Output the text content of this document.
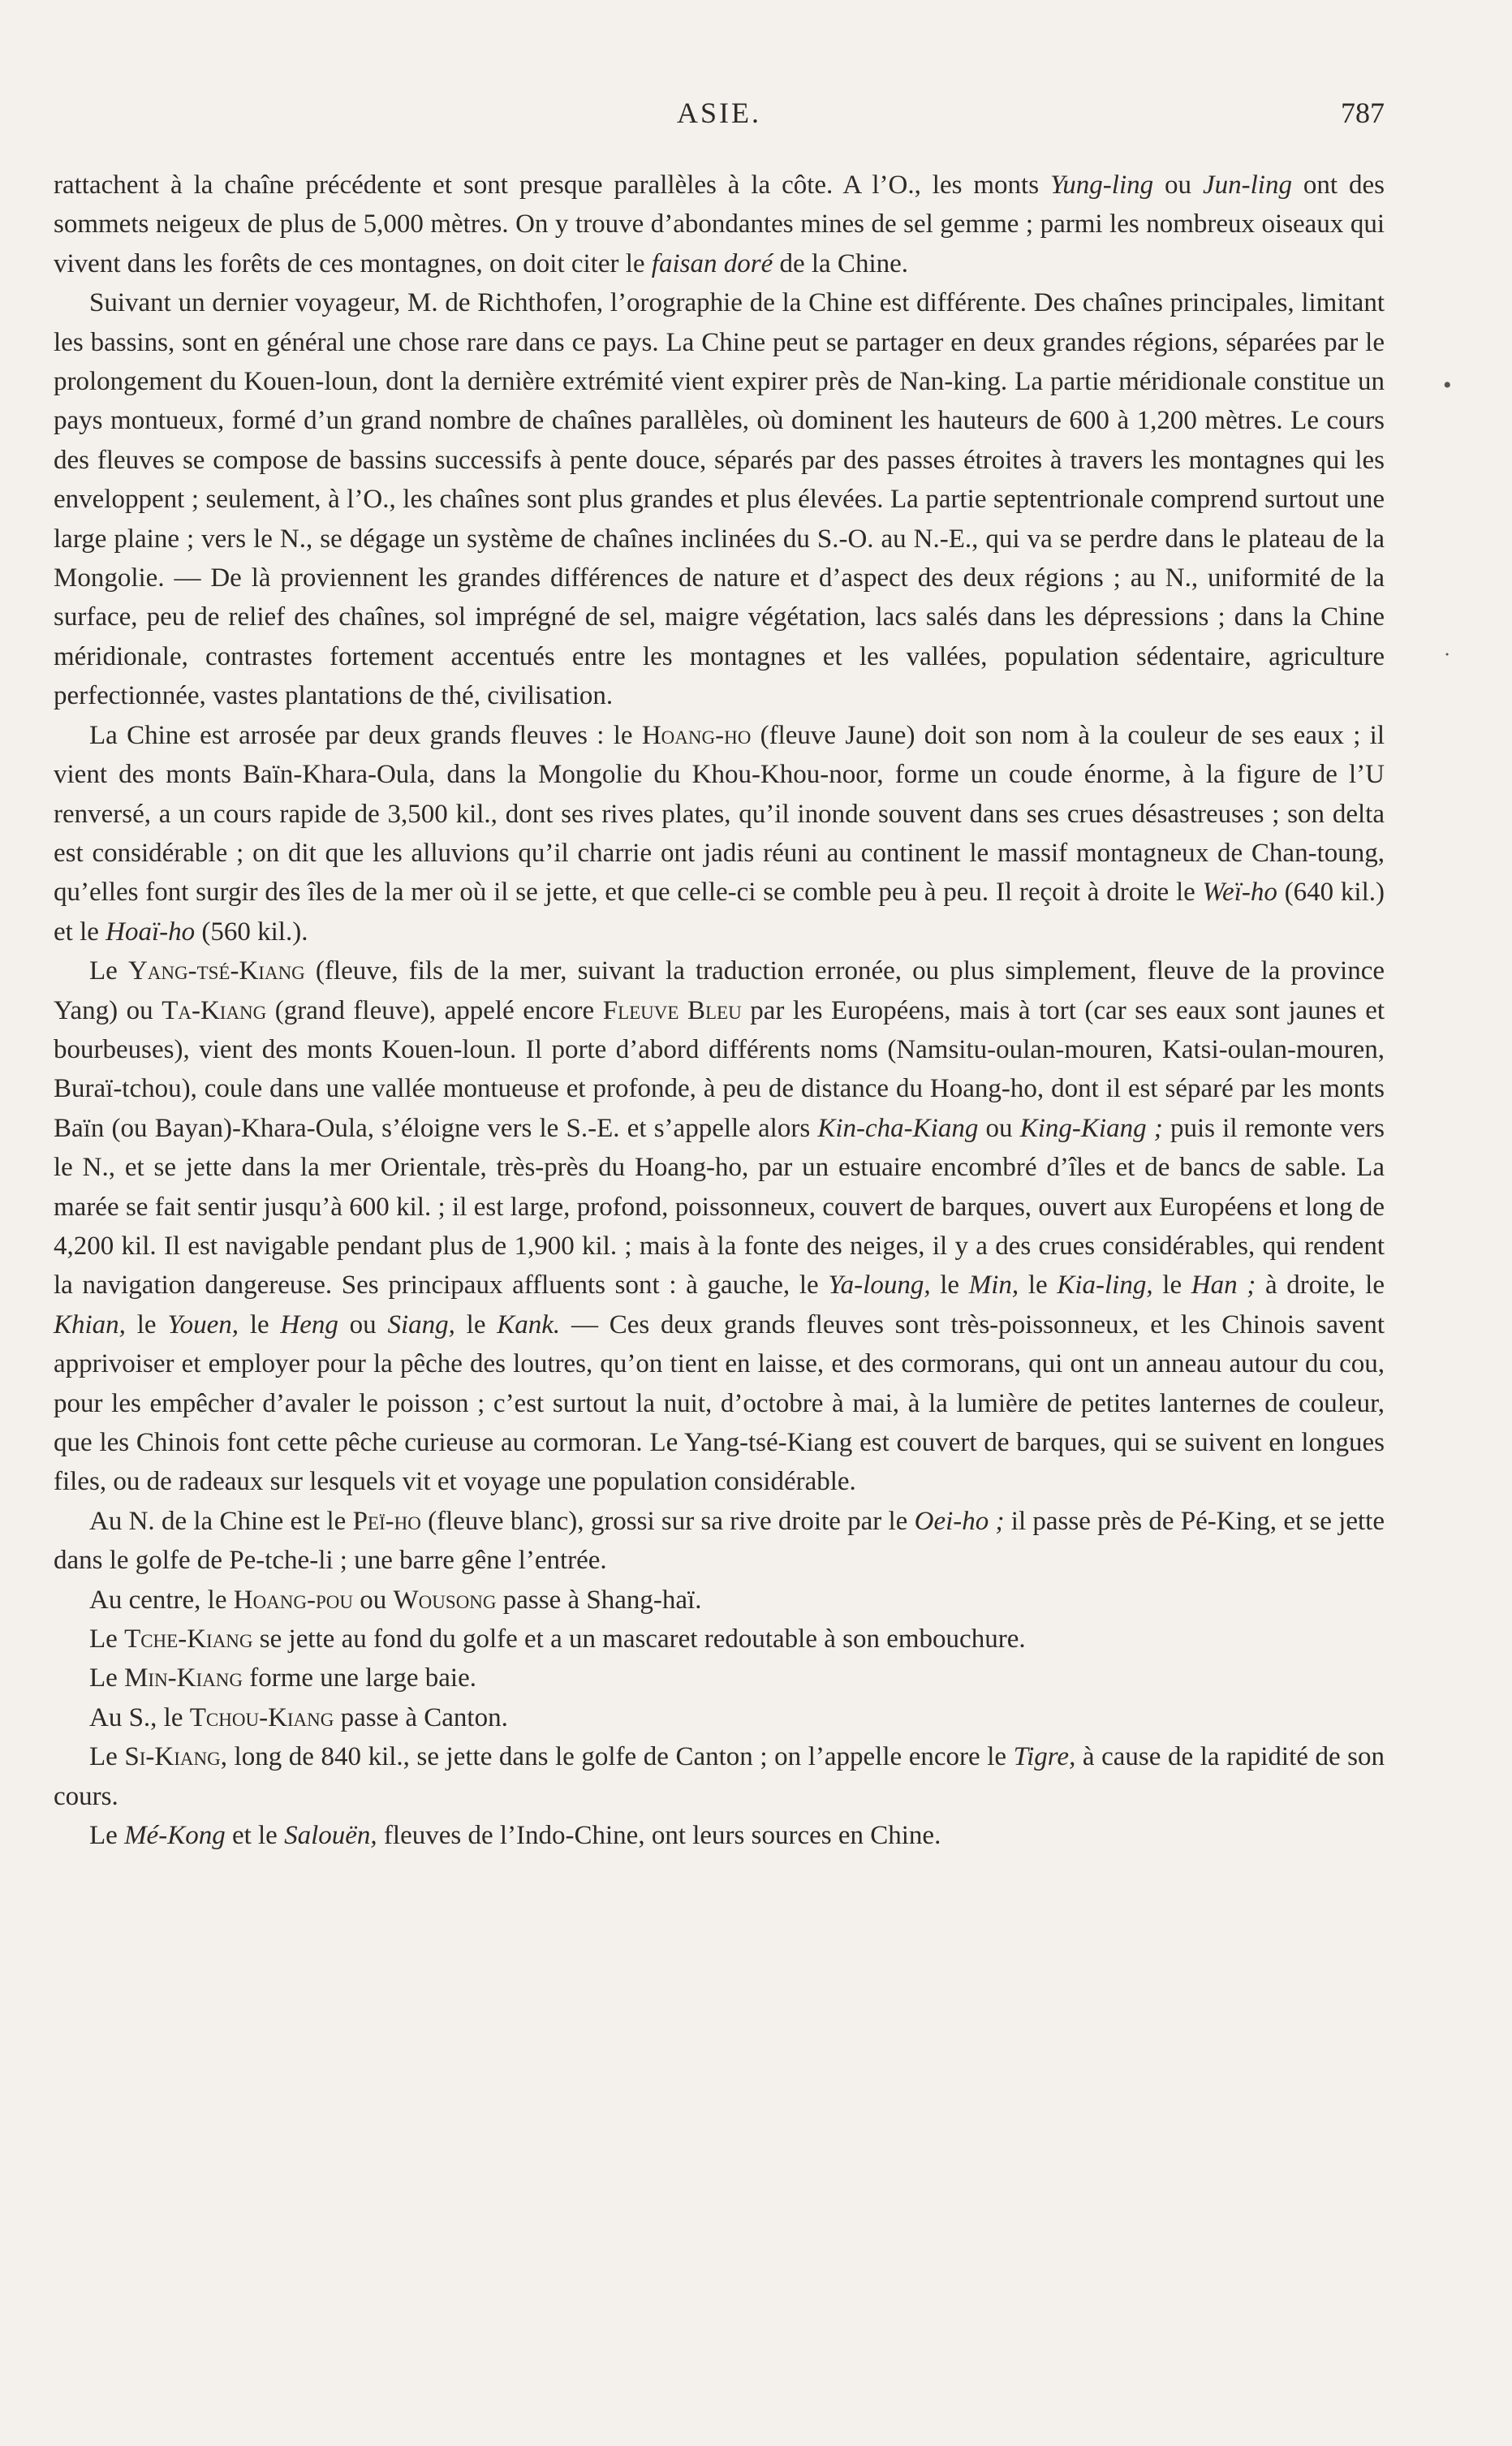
ASIE.	787

rattachent à la chaîne précédente et sont presque parallèles à la côte. A l’O., les monts Yung-ling ou Jun-ling ont des sommets neigeux de plus de 5,000 mètres. On y trouve d’abondantes mines de sel gemme ; parmi les nombreux oiseaux qui vivent dans les forêts de ces montagnes, on doit citer le faisan doré de la Chine.

Suivant un dernier voyageur, M. de Richthofen, l’orographie de la Chine est différente. Des chaînes principales, limitant les bassins, sont en général une chose rare dans ce pays. La Chine peut se partager en deux grandes régions, séparées par le prolongement du Kouen-loun, dont la dernière extrémité vient expirer près de Nan-king. La partie méridionale constitue un pays montueux, formé d’un grand nombre de chaînes parallèles, où dominent les hauteurs de 600 à 1,200 mètres. Le cours des fleuves se compose de bassins successifs à pente douce, séparés par des passes étroites à travers les montagnes qui les enveloppent ; seulement, à l’O., les chaînes sont plus grandes et plus élevées. La partie septentrionale comprend surtout une large plaine ; vers le N., se dégage un système de chaînes inclinées du S.-O. au N.-E., qui va se perdre dans le plateau de la Mongolie. — De là proviennent les grandes différences de nature et d’aspect des deux régions ; au N., uniformité de la surface, peu de relief des chaînes, sol imprégné de sel, maigre végétation, lacs salés dans les dépressions ; dans la Chine méridionale, contrastes fortement accentués entre les montagnes et les vallées, population sédentaire, agriculture perfectionnée, vastes plantations de thé, civilisation.

La Chine est arrosée par deux grands fleuves : le Hoang-ho (fleuve Jaune) doit son nom à la couleur de ses eaux ; il vient des monts Baïn-Khara-Oula, dans la Mongolie du Khou-Khou-noor, forme un coude énorme, à la figure de l’U renversé, a un cours rapide de 3,500 kil., dont ses rives plates, qu’il inonde souvent dans ses crues désastreuses ; son delta est considérable ; on dit que les alluvions qu’il charrie ont jadis réuni au continent le massif montagneux de Chan-toung, qu’elles font surgir des îles de la mer où il se jette, et que celle-ci se comble peu à peu. Il reçoit à droite le Weï-ho (640 kil.) et le Hoaï-ho (560 kil.).

Le Yang-tsé-Kiang (fleuve, fils de la mer, suivant la traduction erronée, ou plus simplement, fleuve de la province Yang) ou Ta-Kiang (grand fleuve), appelé encore Fleuve Bleu par les Européens, mais à tort (car ses eaux sont jaunes et bourbeuses), vient des monts Kouen-loun. Il porte d’abord différents noms (Namsitu-oulan-mouren, Katsi-oulan-mouren, Buraï-tchou), coule dans une vallée montueuse et profonde, à peu de distance du Hoang-ho, dont il est séparé par les monts Baïn (ou Bayan)-Khara-Oula, s’éloigne vers le S.-E. et s’appelle alors Kin-cha-Kiang ou King-Kiang ; puis il remonte vers le N., et se jette dans la mer Orientale, très-près du Hoang-ho, par un estuaire encombré d’îles et de bancs de sable. La marée se fait sentir jusqu’à 600 kil. ; il est large, profond, poissonneux, couvert de barques, ouvert aux Européens et long de 4,200 kil. Il est navigable pendant plus de 1,900 kil. ; mais à la fonte des neiges, il y a des crues considérables, qui rendent la navigation dangereuse. Ses principaux affluents sont : à gauche, le Ya-loung, le Min, le Kia-ling, le Han ; à droite, le Khian, le Youen, le Heng ou Siang, le Kank. — Ces deux grands fleuves sont très-poissonneux, et les Chinois savent apprivoiser et employer pour la pêche des loutres, qu’on tient en laisse, et des cormorans, qui ont un anneau autour du cou, pour les empêcher d’avaler le poisson ; c’est surtout la nuit, d’octobre à mai, à la lumière de petites lanternes de couleur, que les Chinois font cette pêche curieuse au cormoran. Le Yang-tsé-Kiang est couvert de barques, qui se suivent en longues files, ou de radeaux sur lesquels vit et voyage une population considérable.

Au N. de la Chine est le Peï-ho (fleuve blanc), grossi sur sa rive droite par le Oei-ho ; il passe près de Pé-King, et se jette dans le golfe de Pe-tche-li ; une barre gêne l’entrée.

Au centre, le Hoang-pou ou Wousong passe à Shang-haï.

Le Tche-Kiang se jette au fond du golfe et a un mascaret redoutable à son embouchure.

Le Min-Kiang forme une large baie.

Au S., le Tchou-Kiang passe à Canton.

Le Si-Kiang, long de 840 kil., se jette dans le golfe de Canton ; on l’appelle encore le Tigre, à cause de la rapidité de son cours.

Le Mé-Kong et le Salouën, fleuves de l’Indo-Chine, ont leurs sources en Chine.

•
˙
